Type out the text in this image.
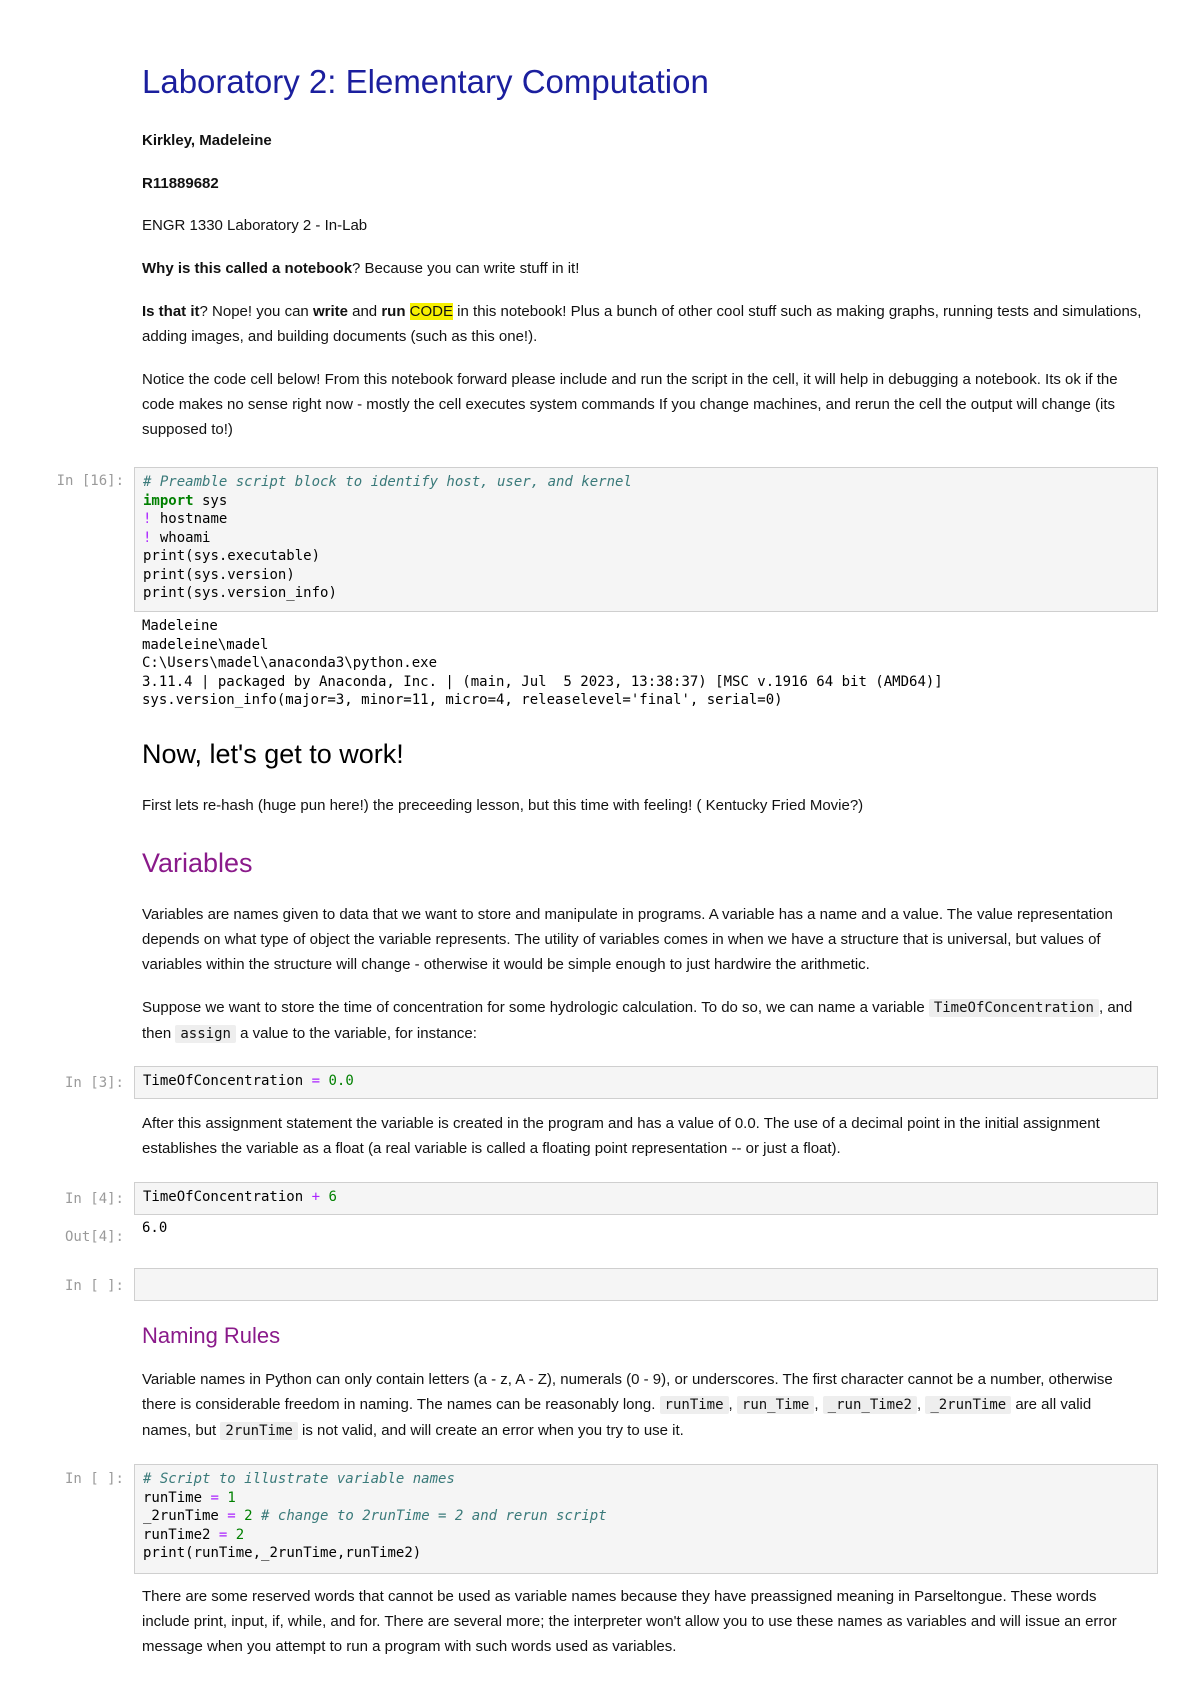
Laboratory 2: Elementary Computation
Kirkley, Madeleine
R11889682
ENGR 1330 Laboratory 2 - In-Lab
Why is this called a notebook? Because you can write stuff in it!
Is that it? Nope! you can write and run CODE in this notebook! Plus a bunch of other cool stuff such as making graphs, running tests and simulations, adding images, and building documents (such as this one!).
Notice the code cell below! From this notebook forward please include and run the script in the cell, it will help in debugging a notebook. Its ok if the code makes no sense right now - mostly the cell executes system commands If you change machines, and rerun the cell the output will change (its supposed to!)
In [16]:	# Preamble script block to identify host, user, and kernel
import sys
! hostname
! whoami
print(sys.executable)
print(sys.version)
print(sys.version_info)
Madeleine
madeleine\madel
C:\Users\madel\anaconda3\python.exe
3.11.4 | packaged by Anaconda, Inc. | (main, Jul  5 2023, 13:38:37) [MSC v.1916 64 bit (AMD64)]
sys.version_info(major=3, minor=11, micro=4, releaselevel='final', serial=0)
Now, let's get to work!
First lets re-hash (huge pun here!) the preceeding lesson, but this time with feeling! ( Kentucky Fried Movie?)
Variables
Variables are names given to data that we want to store and manipulate in programs. A variable has a name and a value. The value representation depends on what type of object the variable represents. The utility of variables comes in when we have a structure that is universal, but values of variables within the structure will change - otherwise it would be simple enough to just hardwire the arithmetic.
Suppose we want to store the time of concentration for some hydrologic calculation. To do so, we can name a variable TimeOfConcentration , and then assign a value to the variable, for instance:
In [3]:	TimeOfConcentration = 0.0
After this assignment statement the variable is created in the program and has a value of 0.0. The use of a decimal point in the initial assignment establishes the variable as a float (a real variable is called a floating point representation -- or just a float).
In [4]:	TimeOfConcentration + 6
Out[4]:
6.0
In [ ]:
Naming Rules
Variable names in Python can only contain letters (a - z, A - Z), numerals (0 - 9), or underscores. The first character cannot be a number, otherwise there is considerable freedom in naming. The names can be reasonably long. runTime , run_Time , _run_Time2 , _2runTime are all valid names, but 2runTime is not valid, and will create an error when you try to use it.
In [ ]:	# Script to illustrate variable names
runTime = 1
_2runTime = 2 # change to 2runTime = 2 and rerun script
runTime2 = 2
print(runTime,_2runTime,runTime2)
There are some reserved words that cannot be used as variable names because they have preassigned meaning in Parseltongue. These words include print, input, if, while, and for. There are several more; the interpreter won't allow you to use these names as variables and will issue an error message when you attempt to run a program with such words used as variables.
